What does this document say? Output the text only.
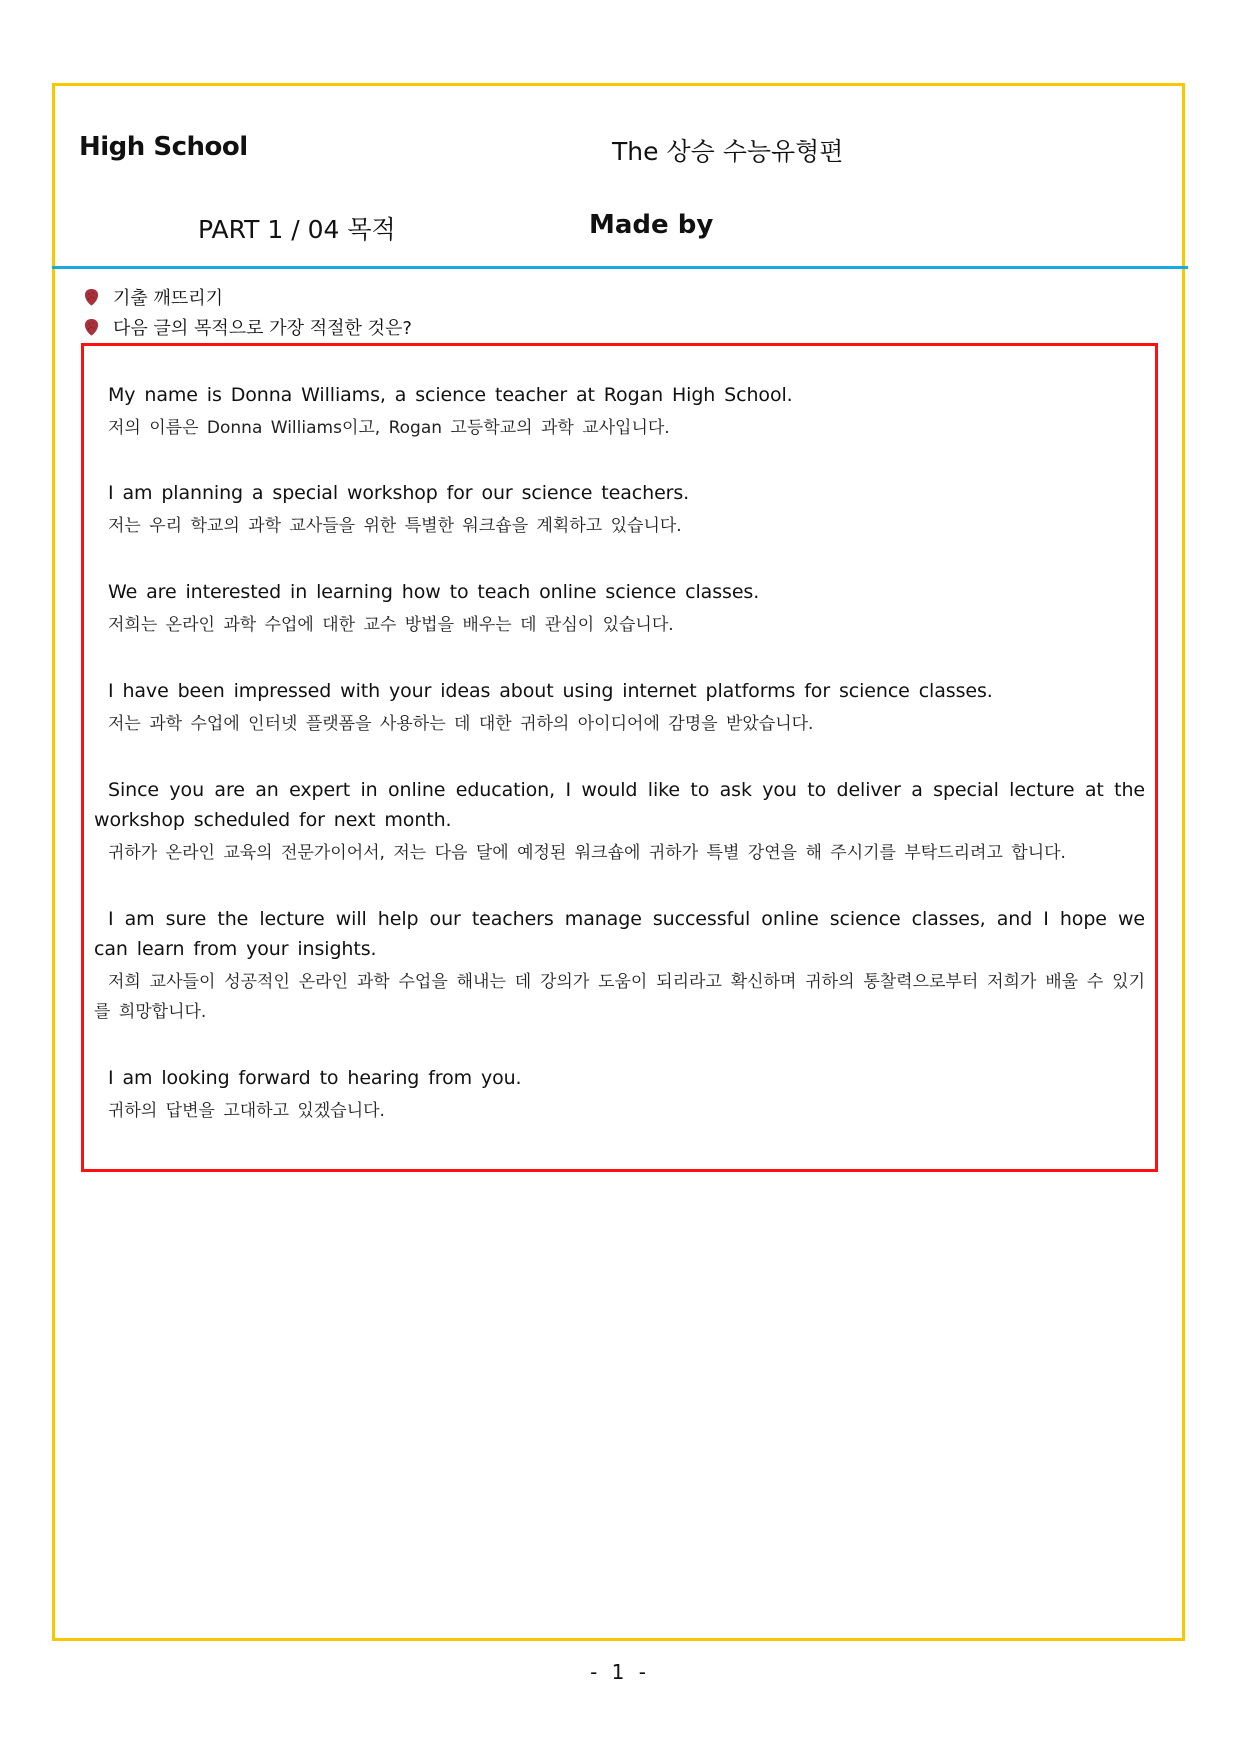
High School	The 상승 수능유형편
PART 1 / 04 목적	Made by
기출 깨뜨리기
다음 글의 목적으로 가장 적절한 것은?
My name is Donna Williams, a science teacher at Rogan High School.
저의 이름은 Donna Williams이고, Rogan 고등학교의 과학 교사입니다.
I am planning a special workshop for our science teachers.
저는 우리 학교의 과학 교사들을 위한 특별한 워크숍을 계획하고 있습니다.
We are interested in learning how to teach online science classes.
저희는 온라인 과학 수업에 대한 교수 방법을 배우는 데 관심이 있습니다.
I have been impressed with your ideas about using internet platforms for science classes.
저는 과학 수업에 인터넷 플랫폼을 사용하는 데 대한 귀하의 아이디어에 감명을 받았습니다.
Since you are an expert in online education, I would like to ask you to deliver a special lecture at the workshop scheduled for next month.
귀하가 온라인 교육의 전문가이어서, 저는 다음 달에 예정된 워크숍에 귀하가 특별 강연을 해 주시기를 부탁드리려고 합니다.
I am sure the lecture will help our teachers manage successful online science classes, and I hope we can learn from your insights.
저희 교사들이 성공적인 온라인 과학 수업을 해내는 데 강의가 도움이 되리라고 확신하며 귀하의 통찰력으로부터 저희가 배울 수 있기를 희망합니다.
I am looking forward to hearing from you.
귀하의 답변을 고대하고 있겠습니다.
- 1 -
